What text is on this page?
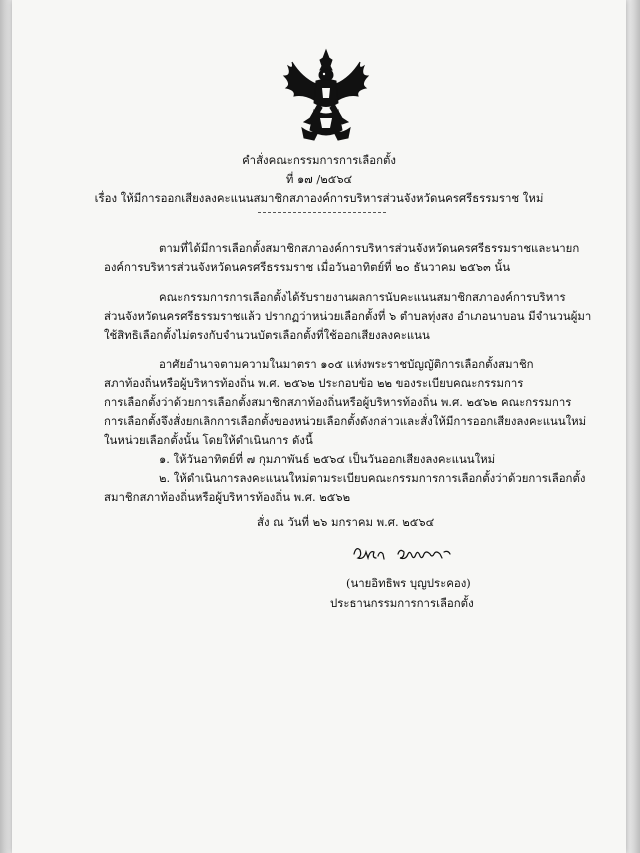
คำสั่งคณะกรรมการการเลือกตั้ง
ที่ ๑๗ /๒๕๖๔
เรื่อง ให้มีการออกเสียงลงคะแนนสมาชิกสภาองค์การบริหารส่วนจังหวัดนครศรีธรรมราช ใหม่
ตามที่ได้มีการเลือกตั้งสมาชิกสภาองค์การบริหารส่วนจังหวัดนครศรีธรรมราชและนายก
องค์การบริหารส่วนจังหวัดนครศรีธรรมราช เมื่อวันอาทิตย์ที่ ๒๐ ธันวาคม ๒๕๖๓ นั้น
คณะกรรมการการเลือกตั้งได้รับรายงานผลการนับคะแนนสมาชิกสภาองค์การบริหาร
ส่วนจังหวัดนครศรีธรรมราชแล้ว ปรากฏว่าหน่วยเลือกตั้งที่ ๖ ตำบลทุ่งสง อำเภอนาบอน มีจำนวนผู้มา
ใช้สิทธิเลือกตั้งไม่ตรงกับจำนวนบัตรเลือกตั้งที่ใช้ออกเสียงลงคะแนน
อาศัยอำนาจตามความในมาตรา ๑๐๕ แห่งพระราชบัญญัติการเลือกตั้งสมาชิก
สภาท้องถิ่นหรือผู้บริหารท้องถิ่น พ.ศ. ๒๕๖๒ ประกอบข้อ ๒๒ ของระเบียบคณะกรรมการ
การเลือกตั้งว่าด้วยการเลือกตั้งสมาชิกสภาท้องถิ่นหรือผู้บริหารท้องถิ่น พ.ศ. ๒๕๖๒ คณะกรรมการ
การเลือกตั้งจึงสั่งยกเลิกการเลือกตั้งของหน่วยเลือกตั้งดังกล่าวและสั่งให้มีการออกเสียงลงคะแนนใหม่
ในหน่วยเลือกตั้งนั้น โดยให้ดำเนินการ ดังนี้
๑. ให้วันอาทิตย์ที่ ๗ กุมภาพันธ์ ๒๕๖๔ เป็นวันออกเสียงลงคะแนนใหม่
๒. ให้ดำเนินการลงคะแนนใหม่ตามระเบียบคณะกรรมการการเลือกตั้งว่าด้วยการเลือกตั้ง
สมาชิกสภาท้องถิ่นหรือผู้บริหารท้องถิ่น พ.ศ. ๒๕๖๒
สั่ง ณ วันที่ ๒๖ มกราคม พ.ศ. ๒๕๖๔
(นายอิทธิพร บุญประคอง)
ประธานกรรมการการเลือกตั้ง
